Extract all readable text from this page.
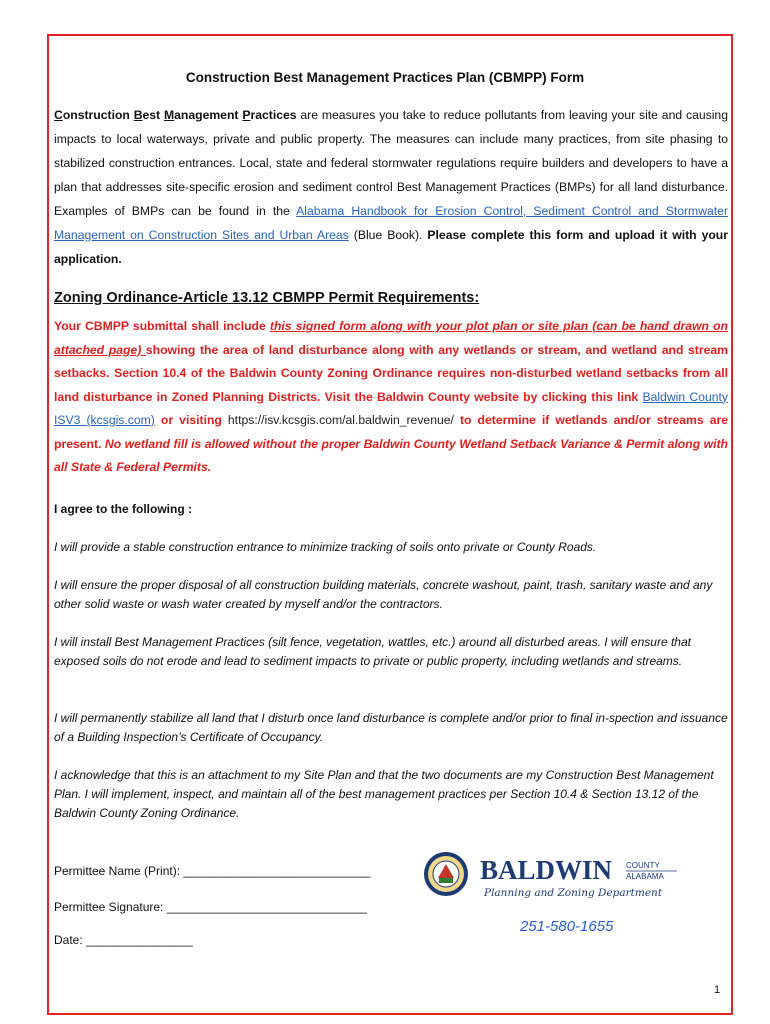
Construction Best Management Practices Plan (CBMPP) Form

Construction Best Management Practices are measures you take to reduce pollutants from leaving your site and causing impacts to local waterways, private and public property. The measures can include many practices, from site phasing to stabilized construction entrances. Local, state and federal stormwater regulations require builders and developers to have a plan that addresses site-specific erosion and sediment control Best Management Practices (BMPs) for all land disturbance. Examples of BMPs can be found in the Alabama Handbook for Erosion Control, Sediment Control and Stormwater Management on Construction Sites and Urban Areas (Blue Book). Please complete this form and upload it with your application.

Zoning Ordinance-Article 13.12 CBMPP Permit Requirements:

Your CBMPP submittal shall include this signed form along with your plot plan or site plan (can be hand drawn on attached page) showing the area of land disturbance along with any wetlands or stream, and wetland and stream setbacks. Section 10.4 of the Baldwin County Zoning Ordinance requires non-disturbed wetland setbacks from all land disturbance in Zoned Planning Districts. Visit the Baldwin County website by clicking this link Baldwin County ISV3 (kcsgis.com) or visiting https://isv.kcsgis.com/al.baldwin_revenue/ to determine if wetlands and/or streams are present. No wetland fill is allowed without the proper Baldwin County Wetland Setback Variance & Permit along with all State & Federal Permits.

I agree to the following :

I will provide a stable construction entrance to minimize tracking of soils onto private or County Roads.

I will ensure the proper disposal of all construction building materials, concrete washout, paint, trash, sanitary waste and any other solid waste or wash water created by myself and/or the contractors.

I will install Best Management Practices (silt fence, vegetation, wattles, etc.) around all disturbed areas. I will ensure that exposed soils do not erode and lead to sediment impacts to private or public property, including wetlands and streams.

I will permanently stabilize all land that I disturb once land disturbance is complete and/or prior to final in-spection and issuance of a Building Inspection’s Certificate of Occupancy.

I acknowledge that this is an attachment to my Site Plan and that the two documents are my Construction Best Management Plan. I will implement, inspect, and maintain all of the best management practices per Section 10.4 & Section 13.12 of the Baldwin County Zoning Ordinance.

Permittee Name (Print): ____________________________
Permittee Signature: ______________________________
Date: ________________
BALDWIN COUNTY
ALABAMA
Planning and Zoning Department
251-580-1655
1
